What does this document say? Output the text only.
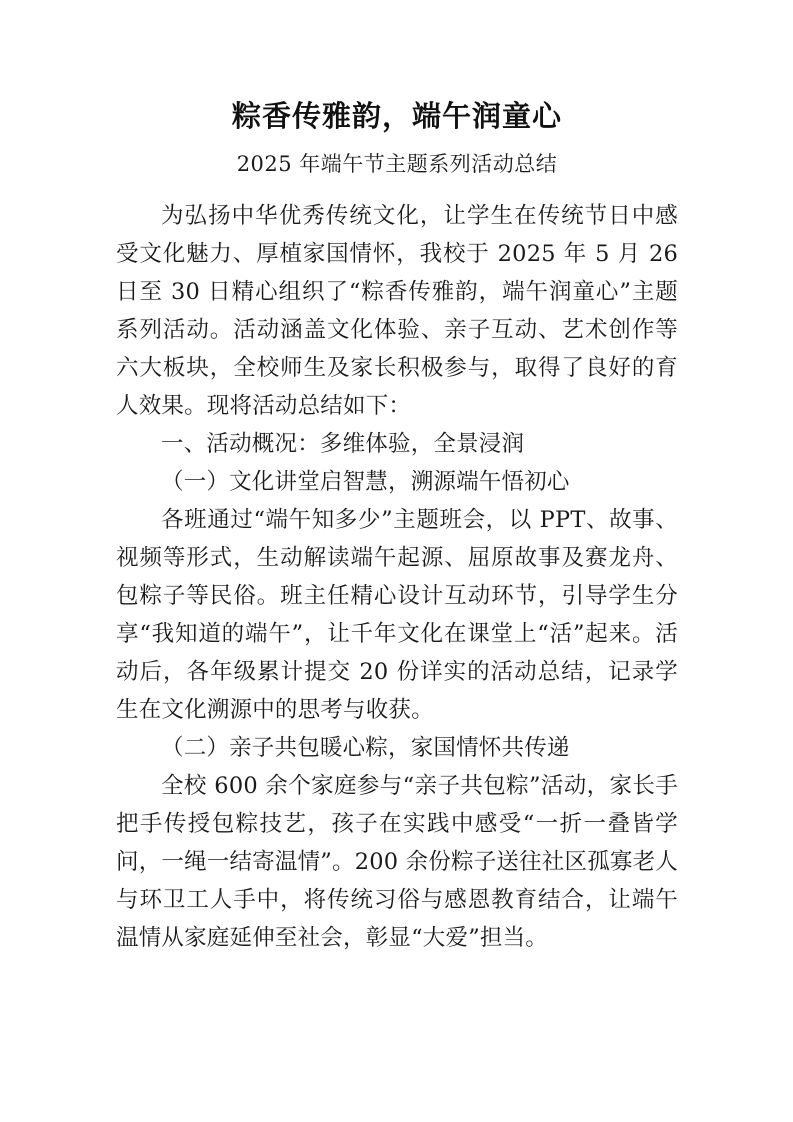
粽香传雅韵，端午润童心
2025 年端午节主题系列活动总结

为弘扬中华优秀传统文化，让学生在传统节日中感受文化魅力、厚植家国情怀，我校于 2025 年 5 月 26 日至 30 日精心组织了“粽香传雅韵，端午润童心”主题系列活动。活动涵盖文化体验、亲子互动、艺术创作等六大板块，全校师生及家长积极参与，取得了良好的育人效果。现将活动总结如下：

一、活动概况：多维体验，全景浸润

（一）文化讲堂启智慧，溯源端午悟初心

各班通过“端午知多少”主题班会，以 PPT、故事、视频等形式，生动解读端午起源、屈原故事及赛龙舟、包粽子等民俗。班主任精心设计互动环节，引导学生分享“我知道的端午”，让千年文化在课堂上“活”起来。活动后，各年级累计提交 20 份详实的活动总结，记录学生在文化溯源中的思考与收获。

（二）亲子共包暖心粽，家国情怀共传递

全校 600 余个家庭参与“亲子共包粽”活动，家长手把手传授包粽技艺，孩子在实践中感受“一折一叠皆学问，一绳一结寄温情”。200 余份粽子送往社区孤寡老人与环卫工人手中，将传统习俗与感恩教育结合，让端午温情从家庭延伸至社会，彰显“大爱”担当。
